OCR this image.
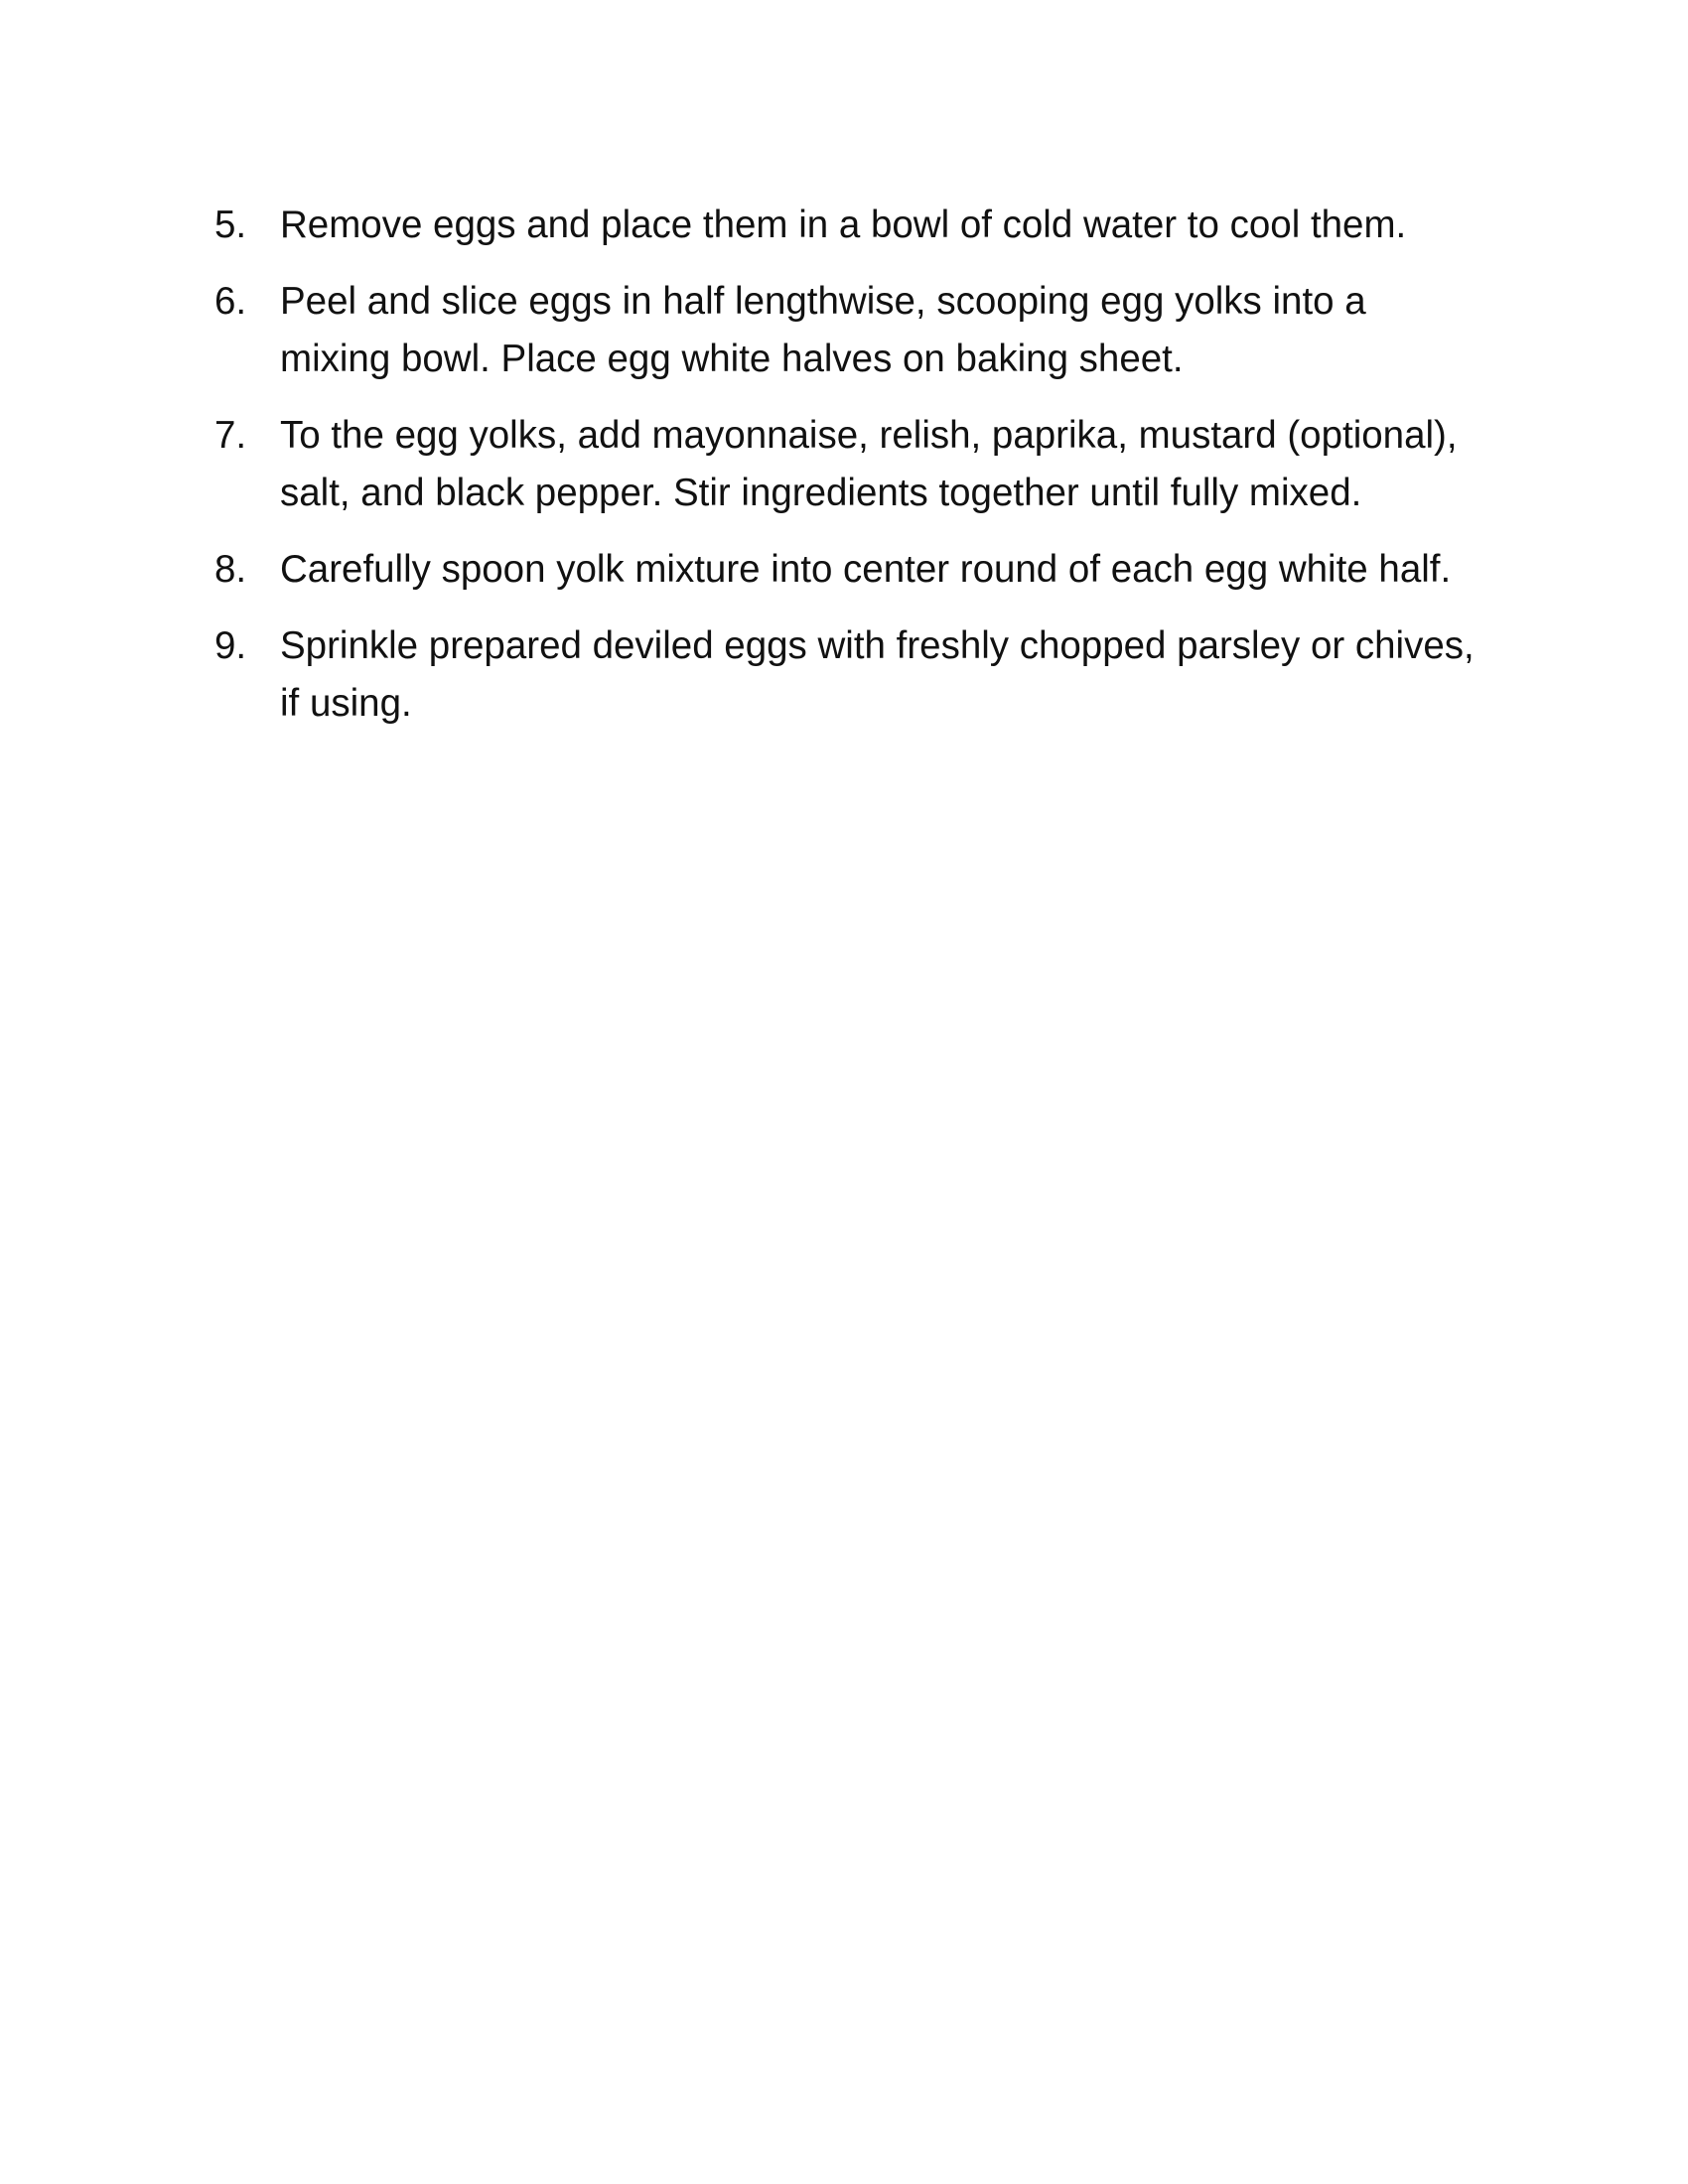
5. Remove eggs and place them in a bowl of cold water to cool them.
6. Peel and slice eggs in half lengthwise, scooping egg yolks into a mixing bowl. Place egg white halves on baking sheet.
7. To the egg yolks, add mayonnaise, relish, paprika, mustard (optional), salt, and black pepper. Stir ingredients together until fully mixed.
8. Carefully spoon yolk mixture into center round of each egg white half.
9. Sprinkle prepared deviled eggs with freshly chopped parsley or chives, if using.
